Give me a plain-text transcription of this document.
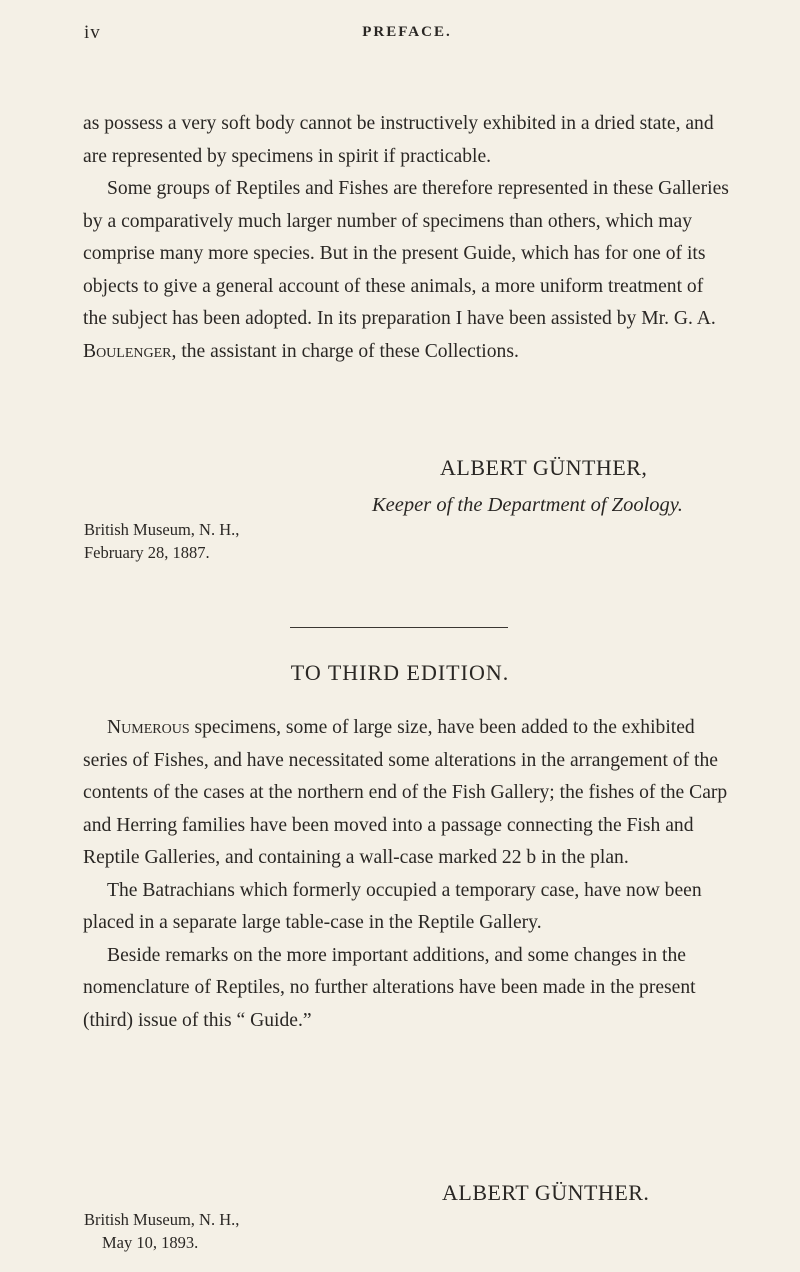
iv	PREFACE.

as possess a very soft body cannot be instructively exhibited in a dried state, and are represented by specimens in spirit if practicable.

Some groups of Reptiles and Fishes are therefore represented in these Galleries by a comparatively much larger number of specimens than others, which may comprise many more species. But in the present Guide, which has for one of its objects to give a general account of these animals, a more uniform treatment of the subject has been adopted. In its preparation I have been assisted by Mr. G. A. Boulenger, the assistant in charge of these Collections.

ALBERT GÜNTHER,
Keeper of the Department of Zoology.
British Museum, N. H.,
February 28, 1887.
TO THIRD EDITION.

Numerous specimens, some of large size, have been added to the exhibited series of Fishes, and have necessitated some alterations in the arrangement of the contents of the cases at the northern end of the Fish Gallery; the fishes of the Carp and Herring families have been moved into a passage connecting the Fish and Reptile Galleries, and containing a wall-case marked 22 b in the plan.

The Batrachians which formerly occupied a temporary case, have now been placed in a separate large table-case in the Reptile Gallery.

Beside remarks on the more important additions, and some changes in the nomenclature of Reptiles, no further alterations have been made in the present (third) issue of this “ Guide.”

ALBERT GÜNTHER.
British Museum, N. H.,
May 10, 1893.
